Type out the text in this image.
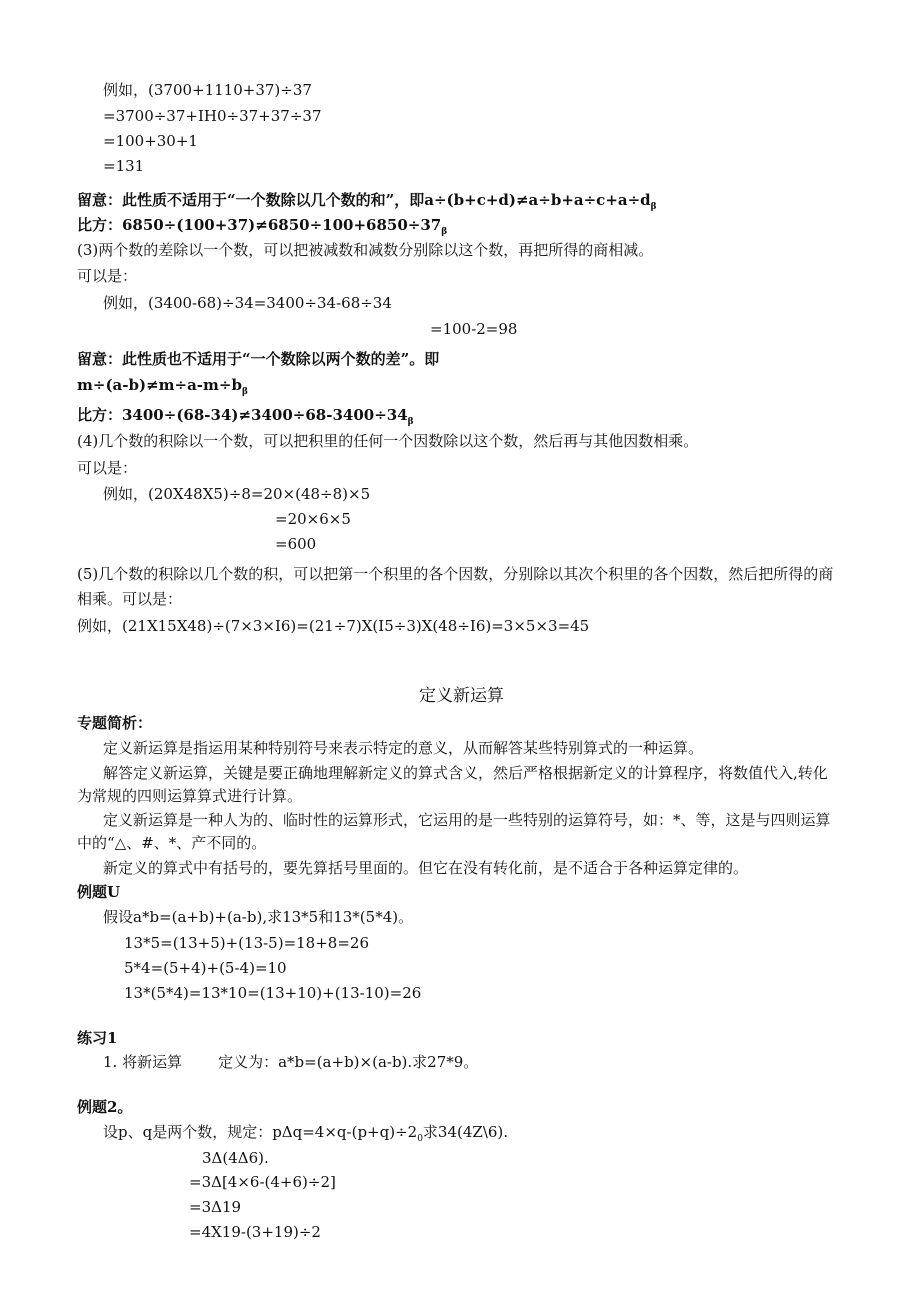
例如，(3700+1110+37)÷37
=3700÷37+IH0÷37+37÷37
=100+30+1
=131
留意：此性质不适用于“一个数除以几个数的和”，即$a\div(b+c+d)\ne a\div b+a\div c+a\div d_\beta$
比方：$6850\div(100+37)\ne 6850\div 100+6850\div 37_\beta$
(3)两个数的差除以一个数，可以把被减数和减数分别除以这个数，再把所得的商相减。
可以是：
例如，(3400-68)÷34=3400÷34-68÷34
=100-2=98
留意：此性质也不适用于“一个数除以两个数的差”。即
$m\div(a-b)\ne m\div a-m\div b_\beta$
比方：$3400\div(68-34)\ne 3400\div 68-3400\div 34_\beta$
(4)几个数的积除以一个数，可以把积里的任何一个因数除以这个数，然后再与其他因数相乘。
可以是：
例如，(20X48X5)÷8=20×(48÷8)×5
=20×6×5
=600
(5)几个数的积除以几个数的积，可以把第一个积里的各个因数，分别除以其次个积里的各个因数，然后把所得的商
相乘。可以是：
例如，(21X15X48)÷(7×3×I6)=(21÷7)X(I5÷3)X(48÷I6)=3×5×3=45
定义新运算
专题简析：
定义新运算是指运用某种特别符号来表示特定的意义，从而解答某些特别算式的一种运算。
解答定义新运算，关键是要正确地理解新定义的算式含义，然后严格根据新定义的计算程序，将数值代入,转化
为常规的四则运算算式进行计算。
定义新运算是一种人为的、临时性的运算形式，它运用的是一些特别的运算符号，如：*、等，这是与四则运算
中的“△、#、*、产不同的。
新定义的算式中有括号的，要先算括号里面的。但它在没有转化前，是不适合于各种运算定律的。
例题U
假设a*b=(a+b)+(a-b),求13*5和13*(5*4)。
13*5=(13+5)+(13-5)=18+8=26
5*4=(5+4)+(5-4)=10
13*(5*4)=13*10=(13+10)+(13-10)=26
练习1
1. 将新运算 定义为：a*b=(a+b)×(a-b).求27*9。
例题2。
设p、q是两个数，规定：$p\Delta q=4\times q-(p+q)\div 2_0$求34(4Z\6).
3Δ(4Δ6).
=3Δ[4×6-(4+6)÷2]
=3Δ19
=4X19-(3+19)÷2
